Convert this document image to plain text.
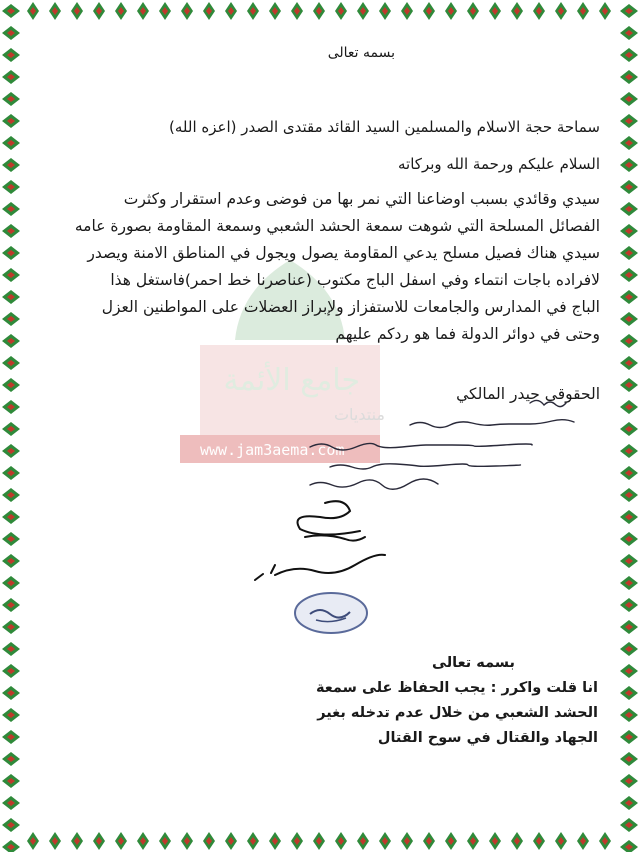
جامع الأئمة
منتديات
www.jam3aema.com
بسمه تعالى
سماحة حجة الاسلام والمسلمين السيد القائد مقتدى الصدر (اعزه الله)
السلام عليكم ورحمة الله وبركاته
سيدي وقائدي بسبب اوضاعنا التي نمر بها من فوضى وعدم استقرار وكثرت
الفصائل المسلحة التي شوهت سمعة الحشد الشعبي وسمعة المقاومة بصورة عامه
سيدي هناك فصيل مسلح يدعي المقاومة يصول ويجول في المناطق الامنة ويصدر
لافراده باجات انتماء وفي اسفل الباج مكتوب (عناصرنا خط احمر)فاستغل هذا
الباج في المدارس والجامعات للاستفزاز ولإبراز العضلات على المواطنين العزل
وحتى في دوائر الدولة فما هو ردكم عليهم
الحقوقي حيدر المالكي
بسمه تعالى
انا قلت واكرر : يجب الحفاظ على سمعة
الحشد الشعبي من خلال عدم تدخله بغير
الجهاد والقتال في سوح القتال
